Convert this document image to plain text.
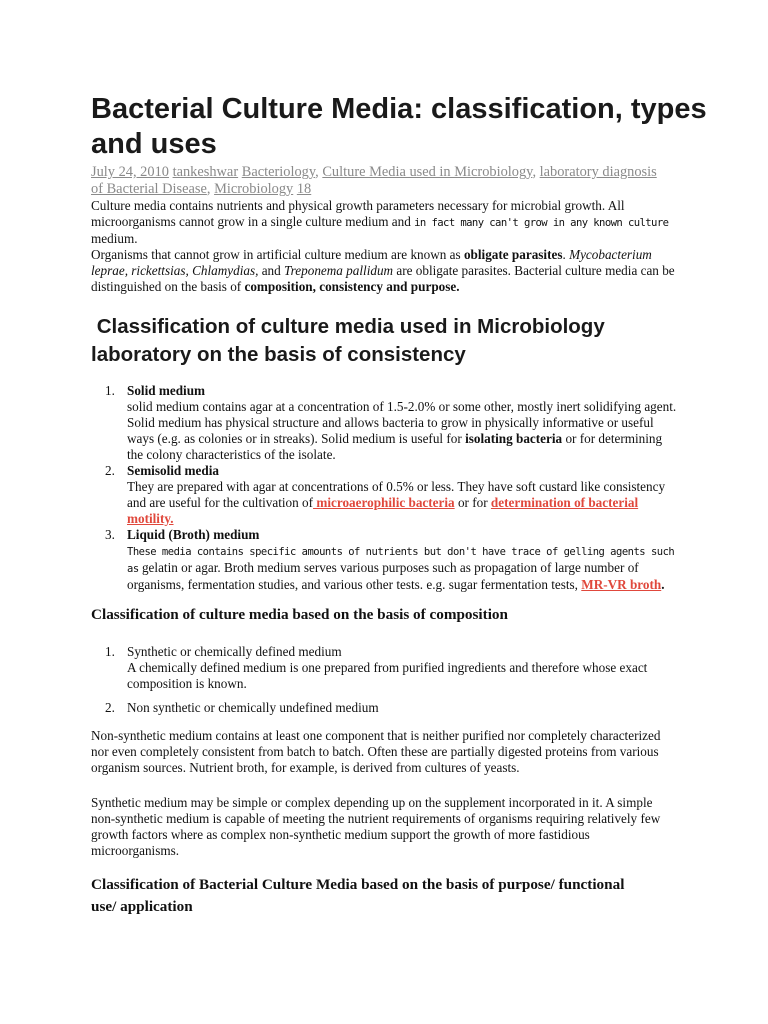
Bacterial Culture Media: classification, types and uses
July 24, 2010 tankeshwar Bacteriology, Culture Media used in Microbiology, laboratory diagnosis of Bacterial Disease, Microbiology 18
Culture media contains nutrients and physical growth parameters necessary for microbial growth. All microorganisms cannot grow in a single culture medium and in fact many can't grow in any known culture medium.
Organisms that cannot grow in artificial culture medium are known as obligate parasites. Mycobacterium leprae, rickettsias, Chlamydias, and Treponema pallidum are obligate parasites. Bacterial culture media can be distinguished on the basis of composition, consistency and purpose.
Classification of culture media used in Microbiology laboratory on the basis of consistency
1. Solid medium
solid medium contains agar at a concentration of 1.5-2.0% or some other, mostly inert solidifying agent. Solid medium has physical structure and allows bacteria to grow in physically informative or useful ways (e.g. as colonies or in streaks). Solid medium is useful for isolating bacteria or for determining the colony characteristics of the isolate.
2. Semisolid media
They are prepared with agar at concentrations of 0.5% or less. They have soft custard like consistency and are useful for the cultivation of microaerophilic bacteria or for determination of bacterial motility.
3. Liquid (Broth) medium
These media contains specific amounts of nutrients but don't have trace of gelling agents such as gelatin or agar. Broth medium serves various purposes such as propagation of large number of organisms, fermentation studies, and various other tests. e.g. sugar fermentation tests, MR-VR broth.
Classification of culture media based on the basis of composition
1. Synthetic or chemically defined medium
A chemically defined medium is one prepared from purified ingredients and therefore whose exact composition is known.
2. Non synthetic or chemically undefined medium
Non-synthetic medium contains at least one component that is neither purified nor completely characterized nor even completely consistent from batch to batch. Often these are partially digested proteins from various organism sources. Nutrient broth, for example, is derived from cultures of yeasts.
Synthetic medium may be simple or complex depending up on the supplement incorporated in it. A simple non-synthetic medium is capable of meeting the nutrient requirements of organisms requiring relatively few growth factors where as complex non-synthetic medium support the growth of more fastidious microorganisms.
Classification of Bacterial Culture Media based on the basis of purpose/ functional use/ application
